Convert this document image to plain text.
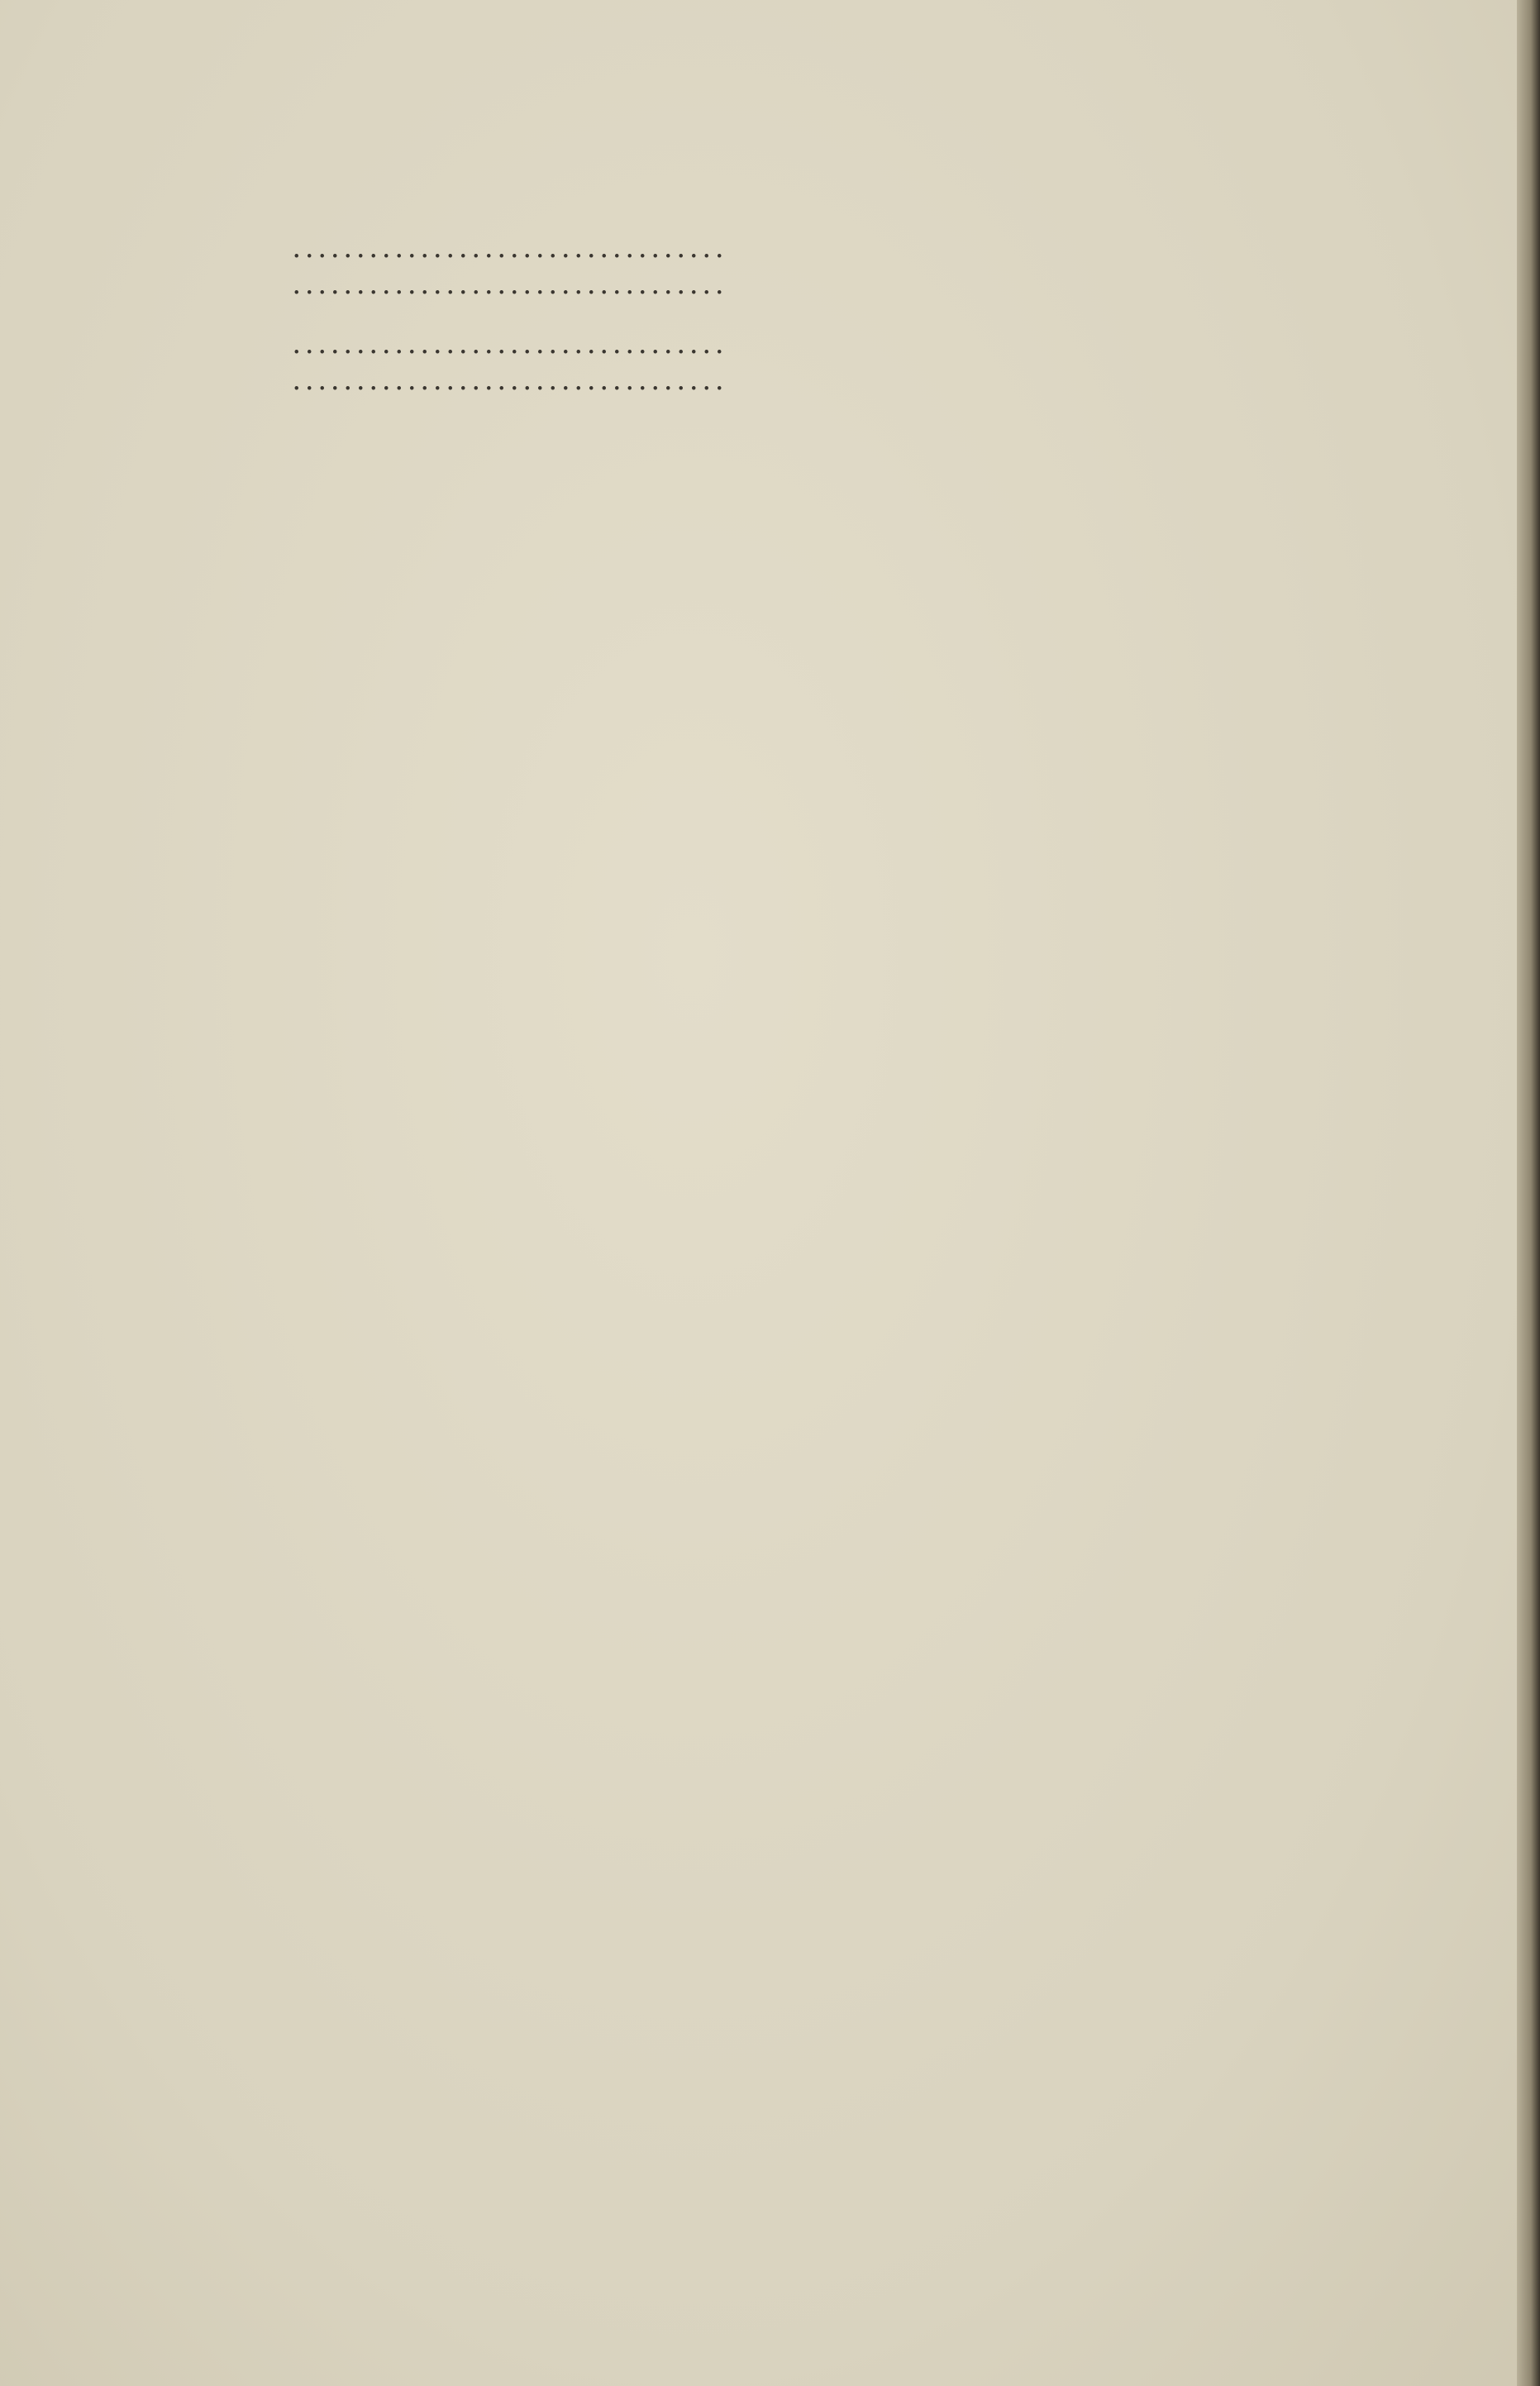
..................................
..................................
..................................
..................................
